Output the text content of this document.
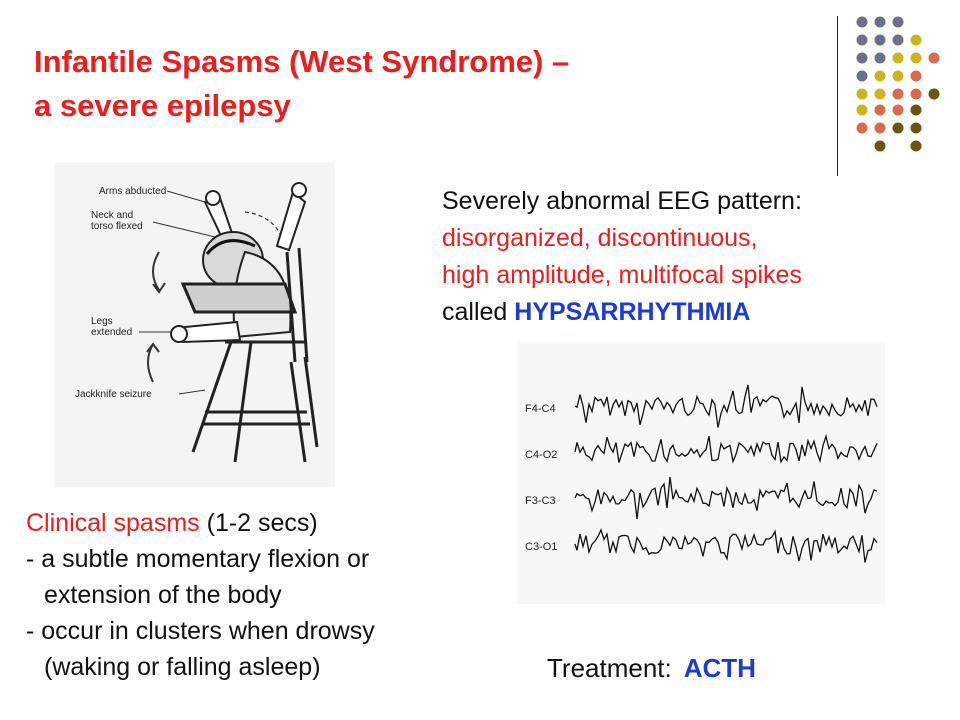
Infantile Spasms (West Syndrome) –
a severe epilepsy
Arms abducted
Neck and
torso flexed
Legs
extended
Jackknife seizure

Severely abnormal EEG pattern:

disorganized, discontinuous,

high amplitude, multifocal spikes

called HYPSARRHYTHMIA

F4-C4
C4-O2
F3-C3
C3-O1

Clinical spasms (1-2 secs)

- a subtle momentary flexion or

extension of the body

- occur in clusters when drowsy

(waking or falling asleep)	Treatment: ACTH
